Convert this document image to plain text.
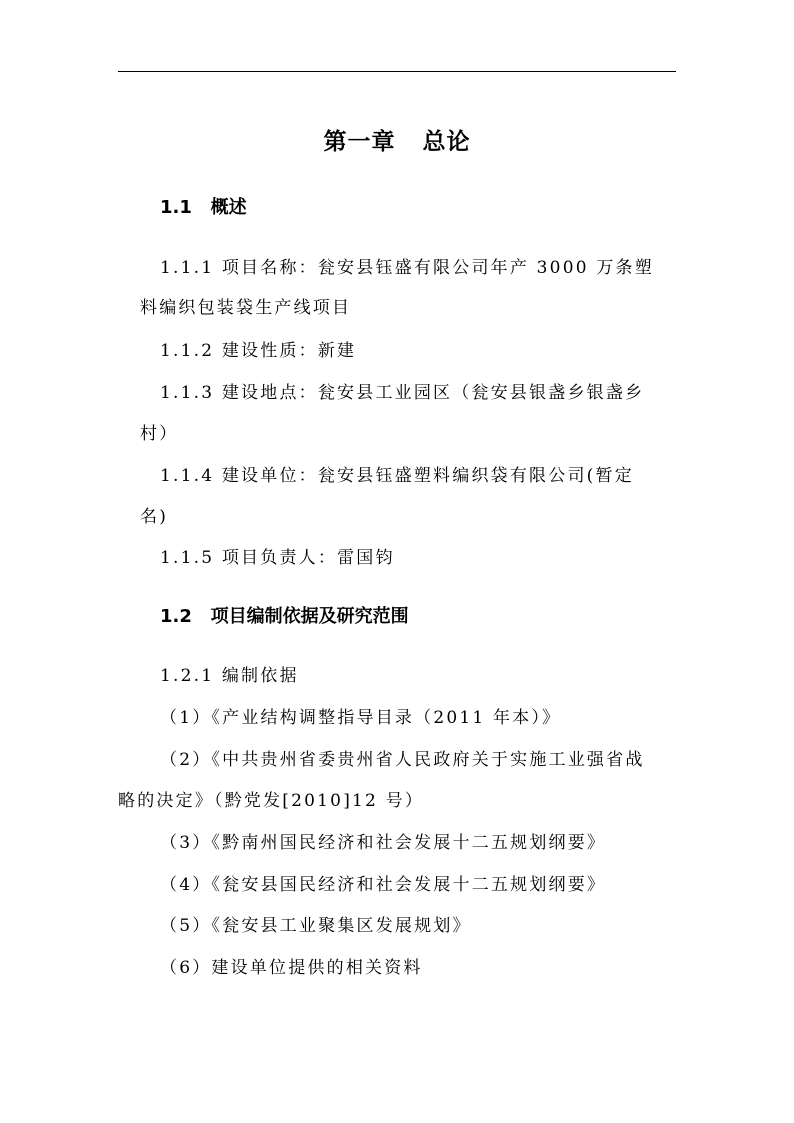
第一章   总论
1.1   概述
1.1.1 项目名称：瓮安县钰盛有限公司年产 3000 万条塑
料编织包装袋生产线项目
1.1.2 建设性质：新建
1.1.3 建设地点：瓮安县工业园区（瓮安县银盏乡银盏乡
村）
1.1.4 建设单位：瓮安县钰盛塑料编织袋有限公司(暂定
名)
1.1.5 项目负责人：雷国钧
1.2   项目编制依据及研究范围
1.2.1 编制依据
（1）《产业结构调整指导目录（2011 年本）》
（2）《中共贵州省委贵州省人民政府关于实施工业强省战
略的决定》（黔党发[2010]12 号）
（3）《黔南州国民经济和社会发展十二五规划纲要》
（4）《瓮安县国民经济和社会发展十二五规划纲要》
（5）《瓮安县工业聚集区发展规划》
（6）建设单位提供的相关资料
